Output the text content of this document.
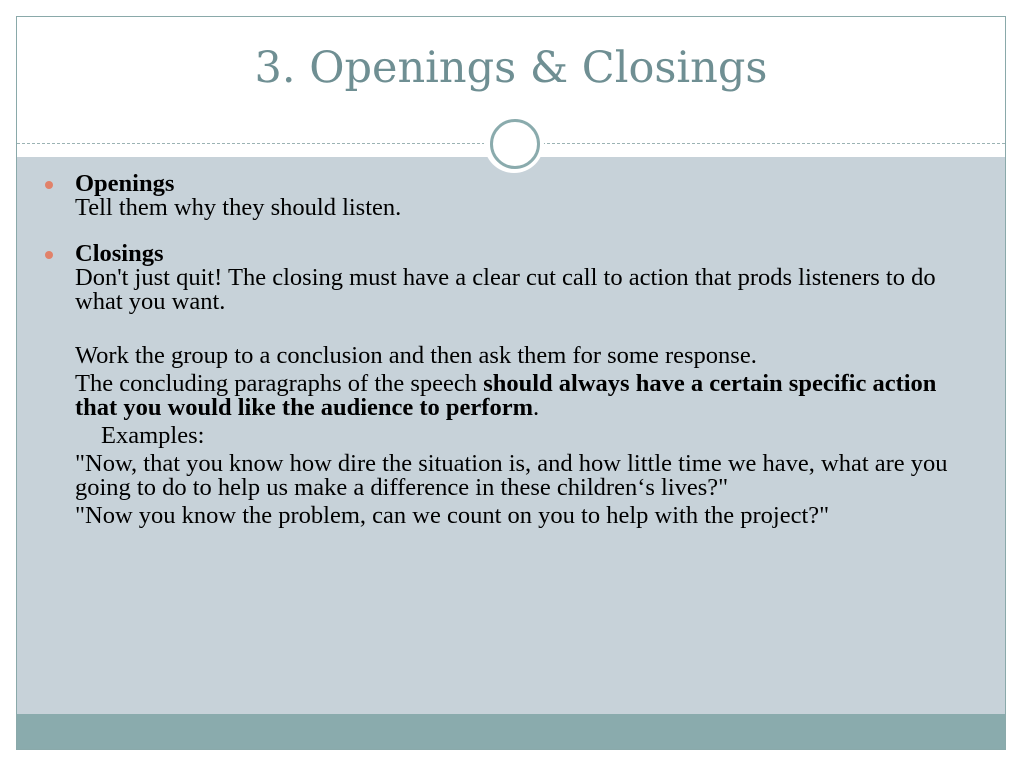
3. Openings & Closings
Openings
Tell them why they should listen.
Closings
Don't just quit! The closing must have a clear cut call to action that prods listeners to do what you want.
Work the group to a conclusion and then ask them for some response.
The concluding paragraphs of the speech should always have a certain specific action that you would like the audience to perform.
Examples:
"Now, that you know how dire the situation is, and how little time we have, what are you going to do to help us make a difference in these children‘s lives?"
"Now you know the problem, can we count on you to help with the project?"
